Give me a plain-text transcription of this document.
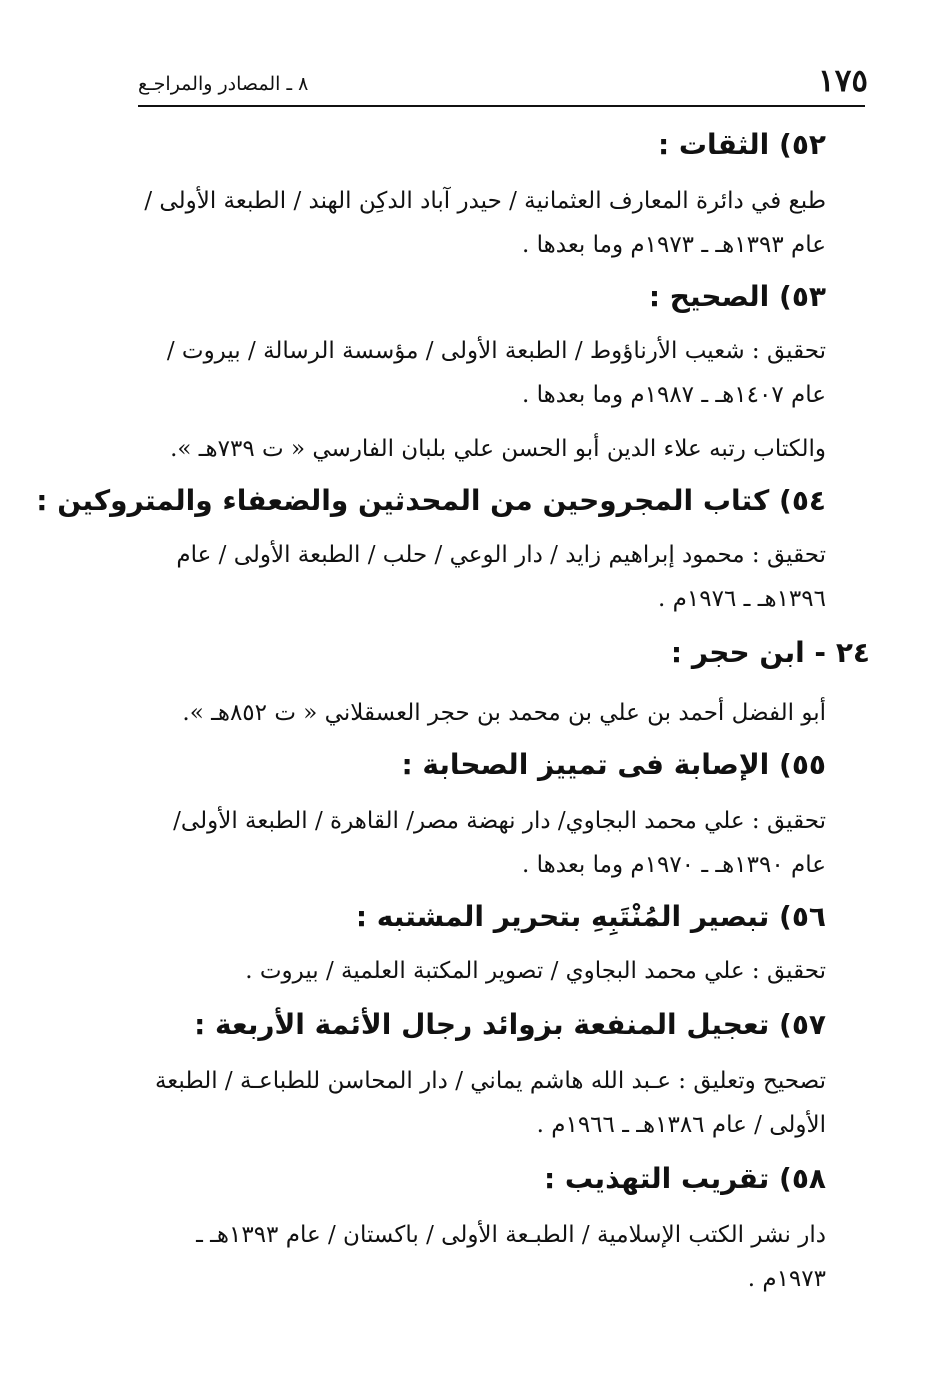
١٧٥
٨ ـ المصادر والمراجـع
٥٢) الثقات :
طبع في دائرة المعارف العثمانية / حيدر آباد الدكِن الهند / الطبعة الأولى /
عام ١٣٩٣هـ ـ ١٩٧٣م وما بعدها .
٥٣) الصحيح :
تحقيق : شعيب الأرناؤوط / الطبعة الأولى / مؤسسة الرسالة / بيروت /
عام ١٤٠٧هـ ـ ١٩٨٧م وما بعدها .
والكتاب رتبه علاء الدين أبو الحسن علي بلبان الفارسي « ت ٧٣٩هـ ».
٥٤) كتاب المجروحين من المحدثين والضعفاء والمتروكين :
تحقيق : محمود إبراهيم زايد / دار الوعي / حلب / الطبعة الأولى / عام
١٣٩٦هـ ـ ١٩٧٦م .
٢٤ - ابن حجر :
أبو الفضل أحمد بن علي بن محمد بن حجر العسقلاني « ت ٨٥٢هـ ».
٥٥) الإصابة فى تمييز الصحابة :
تحقيق : علي محمد البجاوي/ دار نهضة مصر/ القاهرة / الطبعة الأولى/
عام ١٣٩٠هـ ـ ١٩٧٠م وما بعدها .
٥٦) تبصير المُنْتَبِهِ بتحرير المشتبه :
تحقيق : علي محمد البجاوي / تصوير المكتبة العلمية / بيروت .
٥٧) تعجيل المنفعة بزوائد رجال الأئمة الأربعة :
تصحيح وتعليق : عـبد الله هاشم يماني / دار المحاسن للطباعـة / الطبعة
الأولى / عام ١٣٨٦هـ ـ ١٩٦٦م .
٥٨) تقريب التهذيب :
دار نشر الكتب الإسلامية / الطبـعة الأولى / باكستان / عام ١٣٩٣هـ ـ
١٩٧٣م .
